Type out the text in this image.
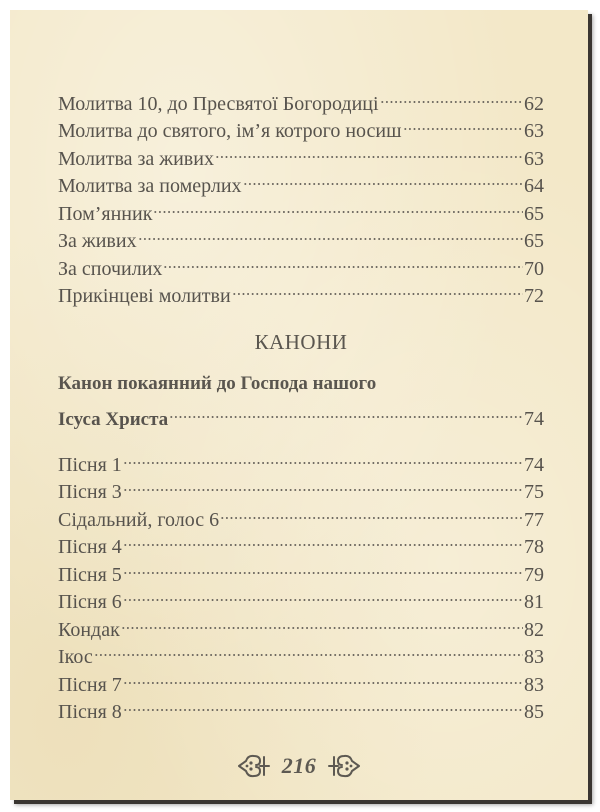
Молитва 10, до Пресвятої Богородиці	62
Молитва до святого, ім’я котрого носиш	63
Молитва за живих	63
Молитва за померлих	64
Пом’янник	65
За живих	65
За спочилих	70
Прикінцеві молитви	72
КАНОНИ
Канон покаянний до Господа нашого
Ісуса Христа	74
Пісня 1	74
Пісня 3	75
Сідальний, голос 6	77
Пісня 4	78
Пісня 5	79
Пісня 6	81
Кондак	82
Ікос	83
Пісня 7	83
Пісня 8	85
216
